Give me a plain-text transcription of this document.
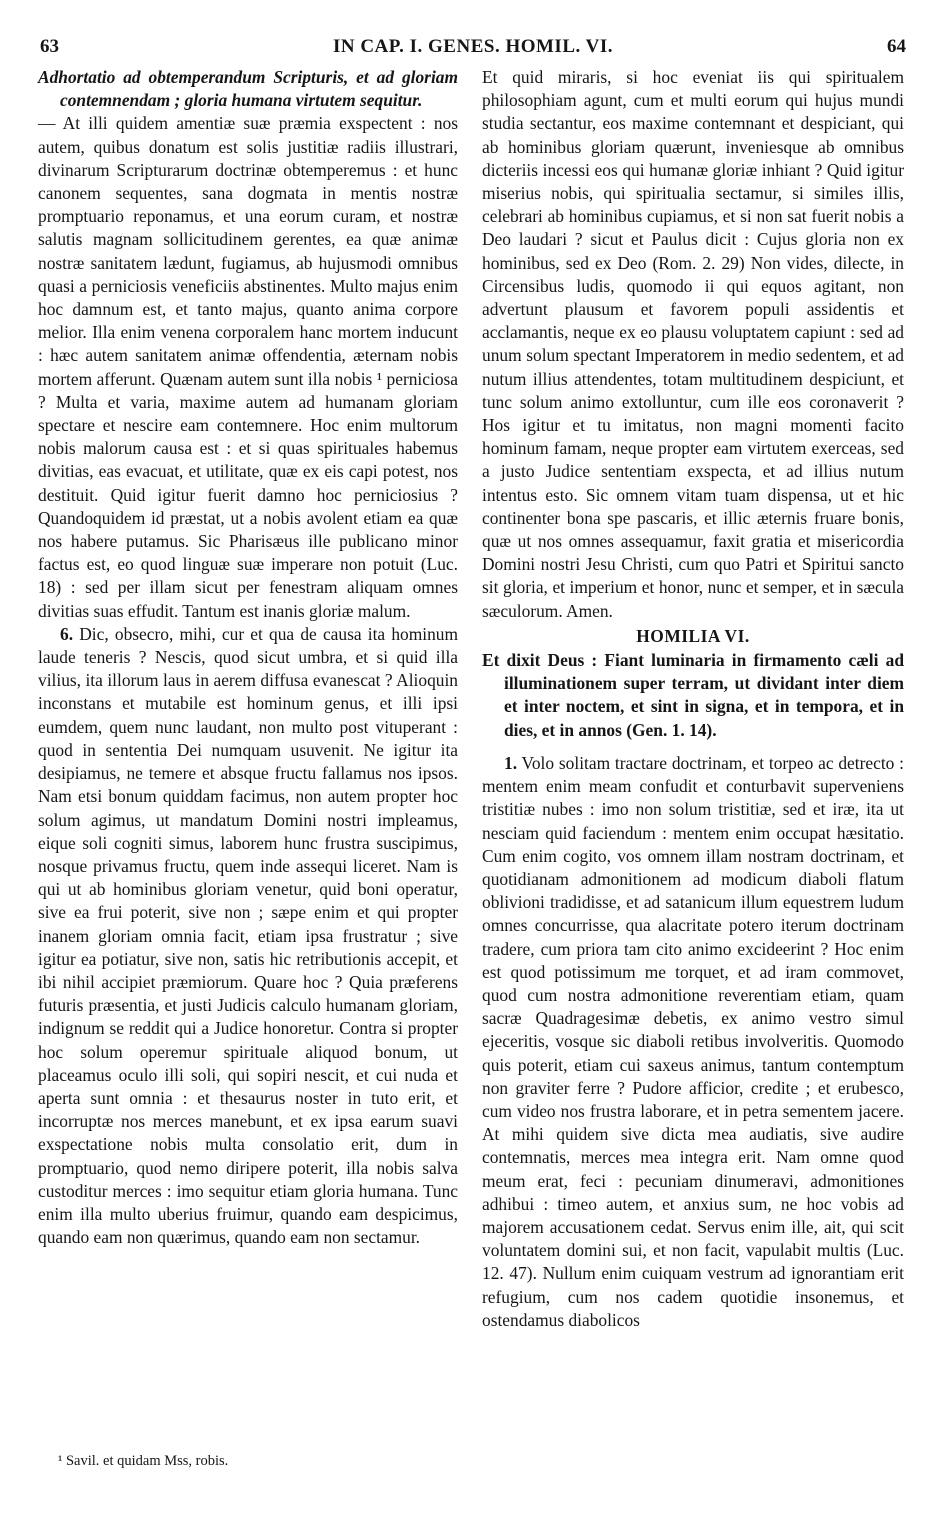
63	IN CAP. I. GENES. HOMIL. VI.	64

Adhortatio ad obtemperandum Scripturis, et ad gloriam contemnendam ; gloria humana virtutem sequitur.

— At illi quidem amentiæ suæ præmia exspectent : nos autem, quibus donatum est solis justitiæ radiis illustrari, divinarum Scripturarum doctrinæ obtemperemus : et hunc canonem sequentes, sana dogmata in mentis nostræ promptuario reponamus, et una eorum curam, et nostræ salutis magnam sollicitudinem gerentes, ea quæ animæ nostræ sanitatem lædunt, fugiamus, ab hujusmodi omnibus quasi a perniciosis veneficiis abstinentes. Multo majus enim hoc damnum est, et tanto majus, quanto anima corpore melior. Illa enim venena corporalem hanc mortem inducunt : hæc autem sanitatem animæ offendentia, æternam nobis mortem afferunt. Quænam autem sunt illa nobis ¹ perniciosa ? Multa et varia, maxime autem ad humanam gloriam spectare et nescire eam contemnere. Hoc enim multorum nobis malorum causa est : et si quas spirituales habemus divitias, eas evacuat, et utilitate, quæ ex eis capi potest, nos destituit. Quid igitur fuerit damno hoc perniciosius ? Quandoquidem id præstat, ut a nobis avolent etiam ea quæ nos habere putamus. Sic Pharisæus ille publicano minor factus est, eo quod linguæ suæ imperare non potuit (Luc. 18) : sed per illam sicut per fenestram aliquam omnes divitias suas effudit. Tantum est inanis gloriæ malum.

6. Dic, obsecro, mihi, cur et qua de causa ita hominum laude teneris ? Nescis, quod sicut umbra, et si quid illa vilius, ita illorum laus in aerem diffusa evanescat ? Alioquin inconstans et mutabile est hominum genus, et illi ipsi eumdem, quem nunc laudant, non multo post vituperant : quod in sententia Dei numquam usuvenit. Ne igitur ita desipiamus, ne temere et absque fructu fallamus nos ipsos. Nam etsi bonum quiddam facimus, non autem propter hoc solum agimus, ut mandatum Domini nostri impleamus, eique soli cogniti simus, laborem hunc frustra suscipimus, nosque privamus fructu, quem inde assequi liceret. Nam is qui ut ab hominibus gloriam venetur, quid boni operatur, sive ea frui poterit, sive non ; sæpe enim et qui propter inanem gloriam omnia facit, etiam ipsa frustratur ; sive igitur ea potiatur, sive non, satis hic retributionis accepit, et ibi nihil accipiet præmiorum. Quare hoc ? Quia præferens futuris præsentia, et justi Judicis calculo humanam gloriam, indignum se reddit qui a Judice honoretur. Contra si propter hoc solum operemur spirituale aliquod bonum, ut placeamus oculo illi soli, qui sopiri nescit, et cui nuda et aperta sunt omnia : et thesaurus noster in tuto erit, et incorruptæ nos merces manebunt, et ex ipsa earum suavi exspectatione nobis multa consolatio erit, dum in promptuario, quod nemo diripere poterit, illa nobis salva custoditur merces : imo sequitur etiam gloria humana. Tunc enim illa multo uberius fruimur, quando eam despicimus, quando eam non quærimus, quando eam non sectamur.

Et quid miraris, si hoc eveniat iis qui spiritualem philosophiam agunt, cum et multi eorum qui hujus mundi studia sectantur, eos maxime contemnant et despiciant, qui ab hominibus gloriam quærunt, inveniesque ab omnibus dicteriis incessi eos qui humanæ gloriæ inhiant ? Quid igitur miserius nobis, qui spiritualia sectamur, si similes illis, celebrari ab hominibus cupiamus, et si non sat fuerit nobis a Deo laudari ? sicut et Paulus dicit : Cujus gloria non ex hominibus, sed ex Deo (Rom. 2. 29) Non vides, dilecte, in Circensibus ludis, quomodo ii qui equos agitant, non advertunt plausum et favorem populi assidentis et acclamantis, neque ex eo plausu voluptatem capiunt : sed ad unum solum spectant Imperatorem in medio sedentem, et ad nutum illius attendentes, totam multitudinem despiciunt, et tunc solum animo extolluntur, cum ille eos coronaverit ? Hos igitur et tu imitatus, non magni momenti facito hominum famam, neque propter eam virtutem exerceas, sed a justo Judice sententiam exspecta, et ad illius nutum intentus esto. Sic omnem vitam tuam dispensa, ut et hic continenter bona spe pascaris, et illic æternis fruare bonis, quæ ut nos omnes assequamur, faxit gratia et misericordia Domini nostri Jesu Christi, cum quo Patri et Spiritui sancto sit gloria, et imperium et honor, nunc et semper, et in sæcula sæculorum. Amen.

HOMILIA VI.

Et dixit Deus : Fiant luminaria in firmamento cæli ad illuminationem super terram, ut dividant inter diem et inter noctem, et sint in signa, et in tempora, et in dies, et in annos (Gen. 1. 14).

1. Volo solitam tractare doctrinam, et torpeo ac detrecto : mentem enim meam confudit et conturbavit superveniens tristitiæ nubes : imo non solum tristitiæ, sed et iræ, ita ut nesciam quid faciendum : mentem enim occupat hæsitatio. Cum enim cogito, vos omnem illam nostram doctrinam, et quotidianam admonitionem ad modicum diaboli flatum oblivioni tradidisse, et ad satanicum illum equestrem ludum omnes concurrisse, qua alacritate potero iterum doctrinam tradere, cum priora tam cito animo excideerint ? Hoc enim est quod potissimum me torquet, et ad iram commovet, quod cum nostra admonitione reverentiam etiam, quam sacræ Quadragesimæ debetis, ex animo vestro simul ejeceritis, vosque sic diaboli retibus involveritis. Quomodo quis poterit, etiam cui saxeus animus, tantum contemptum non graviter ferre ? Pudore afficior, credite ; et erubesco, cum video nos frustra laborare, et in petra sementem jacere. At mihi quidem sive dicta mea audiatis, sive audire contemnatis, merces mea integra erit. Nam omne quod meum erat, feci : pecuniam dinumeravi, admonitiones adhibui : timeo autem, et anxius sum, ne hoc vobis ad majorem accusationem cedat. Servus enim ille, ait, qui scit voluntatem domini sui, et non facit, vapulabit multis (Luc. 12. 47). Nullum enim cuiquam vestrum ad ignorantiam erit refugium, cum nos cadem quotidie insonemus, et ostendamus diabolicos

¹ Savil. et quidam Mss, robis.
